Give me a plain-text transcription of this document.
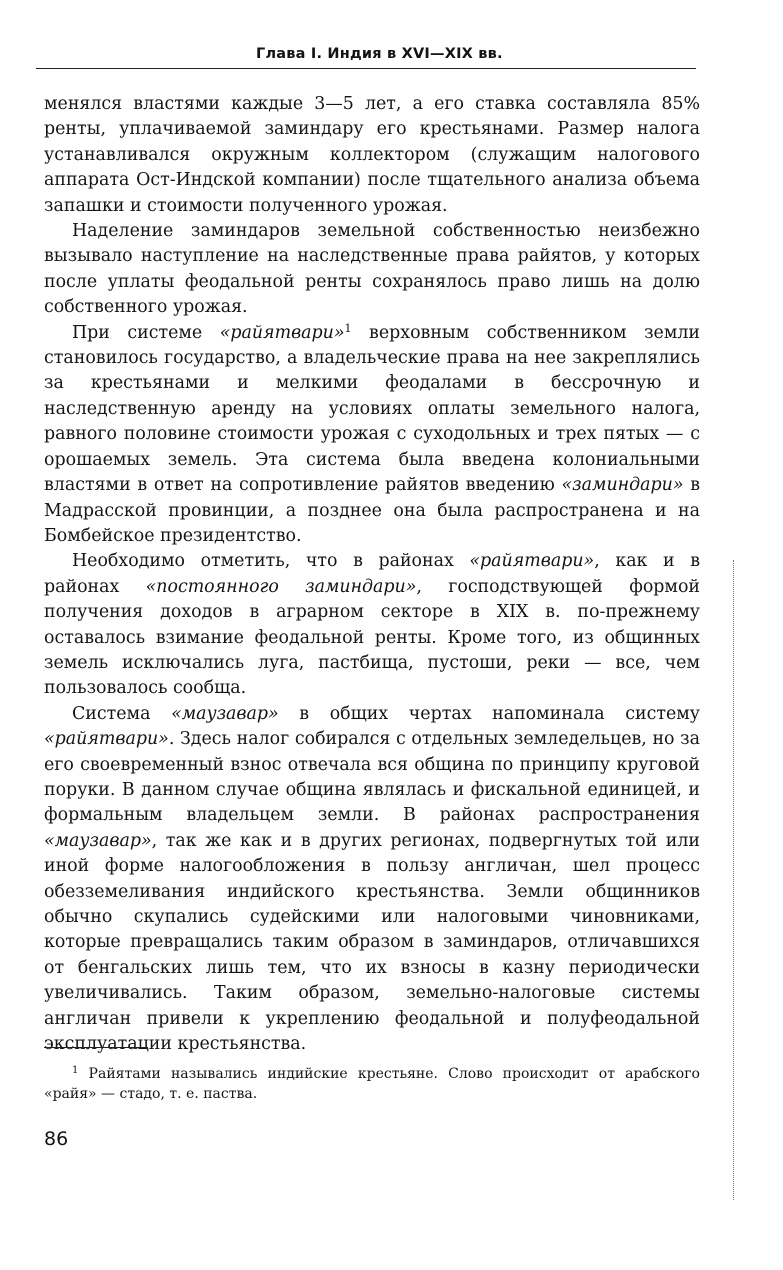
Глава I. Индия в XVI—XIX вв.

менялся властями каждые 3—5 лет, а его ставка составляла 85% ренты, уплачиваемой заминдару его крестьянами. Размер налога устанавливался окружным коллектором (служащим налогового аппарата Ост-Индской компании) после тщательного анализа объема запашки и стоимости полученного урожая.

Наделение заминдаров земельной собственностью неизбежно вызывало наступление на наследственные права райятов, у которых после уплаты феодальной ренты сохранялось право лишь на долю собственного урожая.

При системе «райятвари»$^1$ верховным собственником земли становилось государство, а владельческие права на нее закреплялись за крестьянами и мелкими феодалами в бессрочную и наследственную аренду на условиях оплаты земельного налога, равного половине стоимости урожая с суходольных и трех пятых — с орошаемых земель. Эта система была введена колониальными властями в ответ на сопротивление райятов введению «заминдари» в Мадрасской провинции, а позднее она была распространена и на Бомбейское президентство.

Необходимо отметить, что в районах «райятвари», как и в районах «постоянного заминдари», господствующей формой получения доходов в аграрном секторе в XIX в. по-прежнему оставалось взимание феодальной ренты. Кроме того, из общинных земель исключались луга, пастбища, пустоши, реки — все, чем пользовалось сообща.

Система «маузавар» в общих чертах напоминала систему «райятвари». Здесь налог собирался с отдельных земледельцев, но за его своевременный взнос отвечала вся община по принципу круговой поруки. В данном случае община являлась и фискальной единицей, и формальным владельцем земли. В районах распространения «маузавар», так же как и в других регионах, подвергнутых той или иной форме налогообложения в пользу англичан, шел процесс обезземеливания индийского крестьянства. Земли общинников обычно скупались судейскими или налоговыми чиновниками, которые превращались таким образом в заминдаров, отличавшихся от бенгальских лишь тем, что их взносы в казну периодически увеличивались. Таким образом, земельно-налоговые системы англичан привели к укреплению феодальной и полуфеодальной эксплуатации крестьянства.

$^1$ Райятами назывались индийские крестьяне. Слово происходит от арабского «райя» — стадо, т. е. паства.
86
